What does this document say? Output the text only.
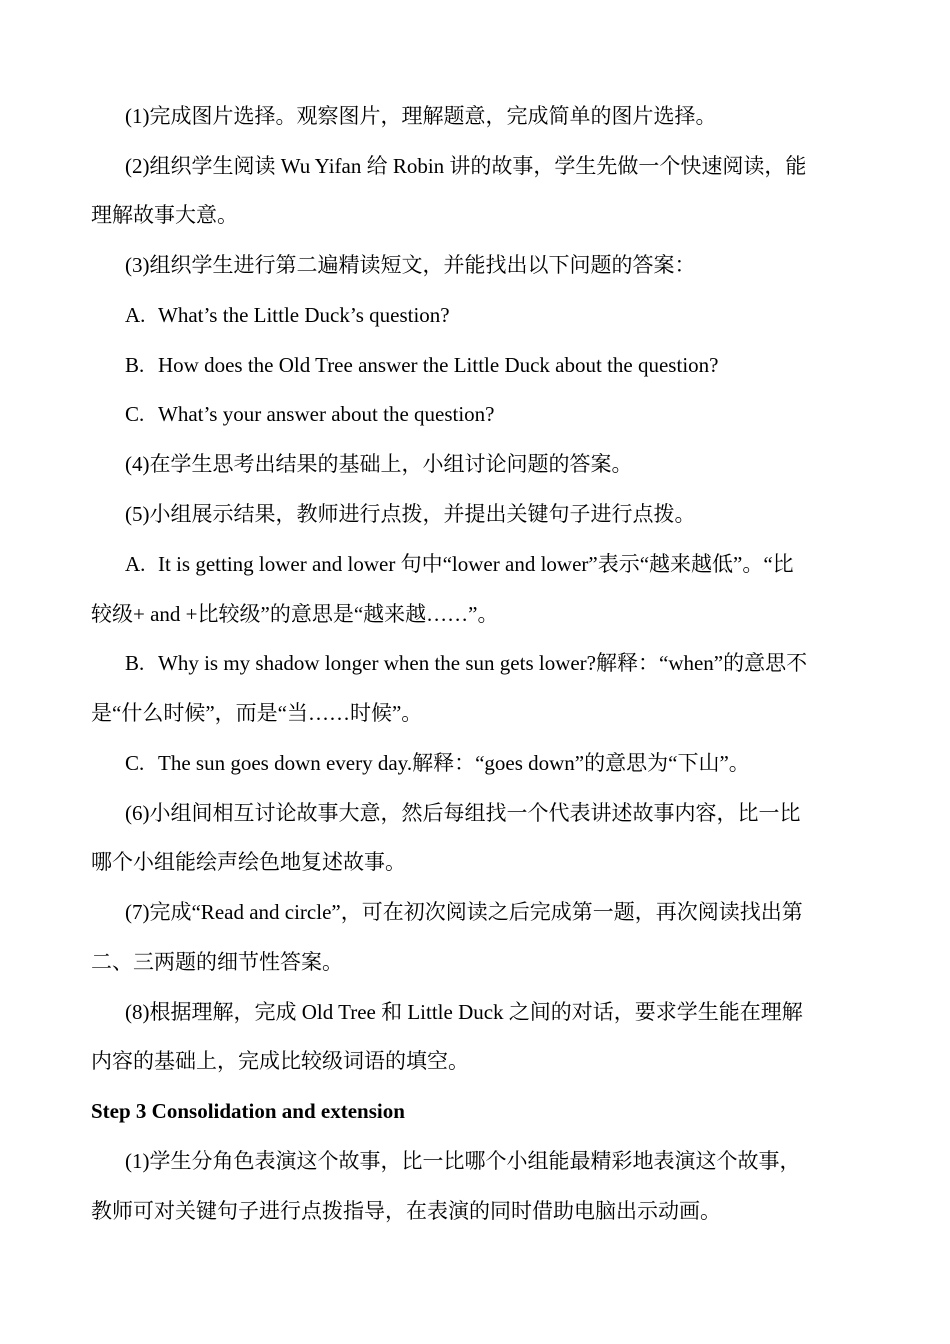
(1)完成图片选择。观察图片，理解题意，完成简单的图片选择。
(2)组织学生阅读 Wu Yifan 给 Robin 讲的故事，学生先做一个快速阅读，能
理解故事大意。
(3)组织学生进行第二遍精读短文，并能找出以下问题的答案：
A. What’s the Little Duck’s question?
B. How does the Old Tree answer the Little Duck about the question?
C. What’s your answer about the question?
(4)在学生思考出结果的基础上，小组讨论问题的答案。
(5)小组展示结果，教师进行点拨，并提出关键句子进行点拨。
A. It is getting lower and lower 句中“lower and lower”表示“越来越低”。“比
较级+ and +比较级”的意思是“越来越……”。
B. Why is my shadow longer when the sun gets lower?解释：“when”的意思不
是“什么时候”，而是“当……时候”。
C. The sun goes down every day.解释：“goes down”的意思为“下山”。
(6)小组间相互讨论故事大意，然后每组找一个代表讲述故事内容，比一比
哪个小组能绘声绘色地复述故事。
(7)完成“Read and circle”，可在初次阅读之后完成第一题，再次阅读找出第
二、三两题的细节性答案。
(8)根据理解，完成 Old Tree 和 Little Duck 之间的对话，要求学生能在理解
内容的基础上，完成比较级词语的填空。
Step 3 Consolidation and extension
(1)学生分角色表演这个故事，比一比哪个小组能最精彩地表演这个故事，
教师可对关键句子进行点拨指导，在表演的同时借助电脑出示动画。
